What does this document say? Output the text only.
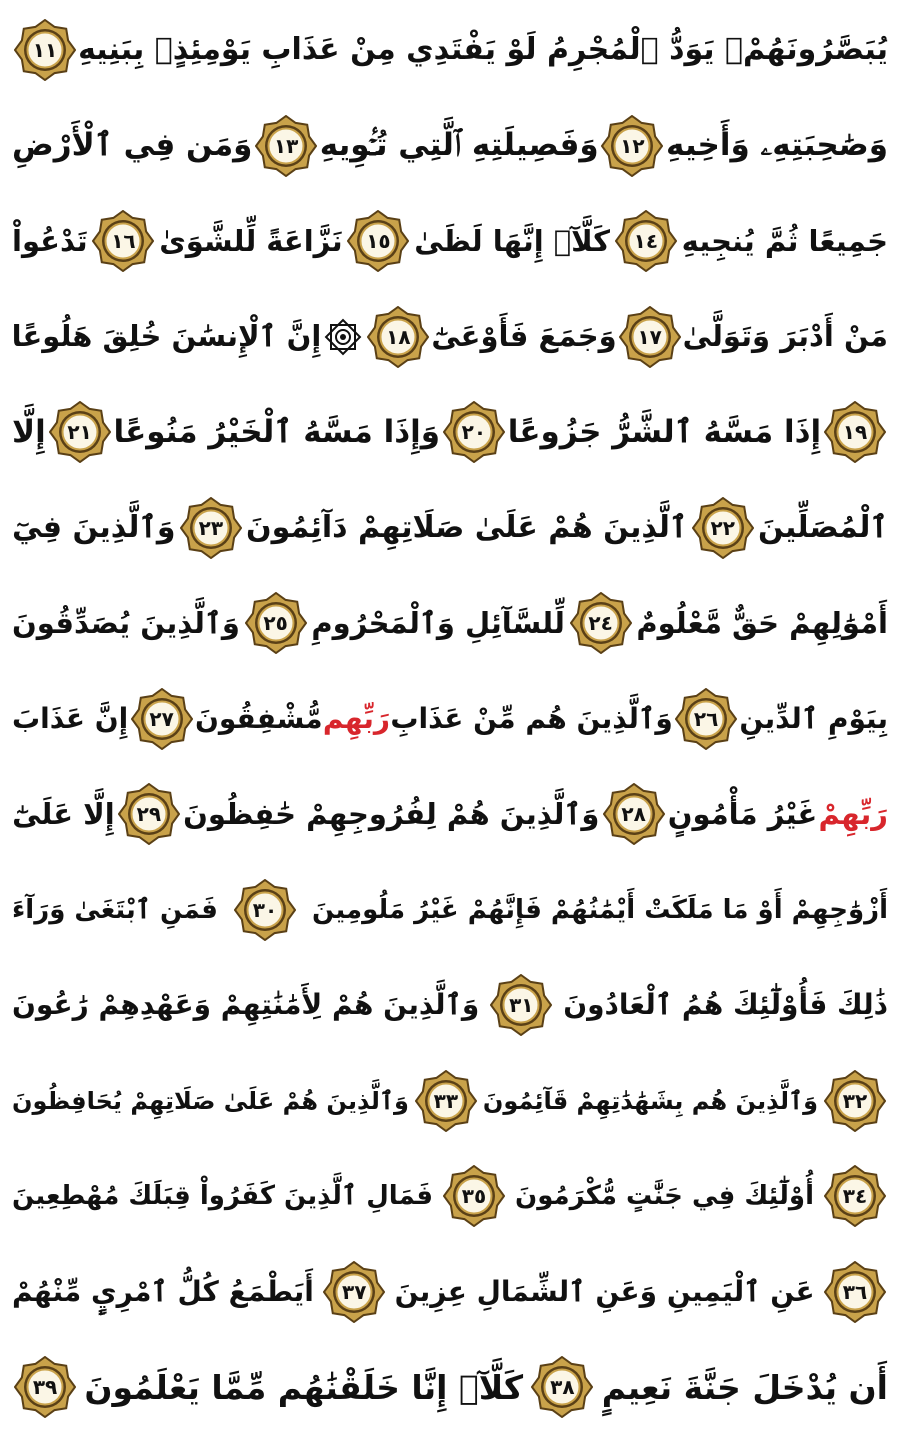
يُبَصَّرُونَهُمْۚ يَوَدُّ ٱلْمُجْرِمُ لَوْ يَفْتَدِي مِنْ عَذَابِ يَوْمِئِذٍۭ بِبَنِيهِ
١١
وَصَٰحِبَتِهِۦ وَأَخِيهِ
١٢
وَفَصِيلَتِهِ ٱلَّتِي تُـٔۡوِيهِ
١٣
وَمَن فِي ٱلْأَرْضِ
جَمِيعًا ثُمَّ يُنجِيهِ
١٤
كَلَّآۖ إِنَّهَا لَظَىٰ
١٥
نَزَّاعَةً لِّلشَّوَىٰ
١٦
تَدْعُواْ
مَنْ أَدْبَرَ وَتَوَلَّىٰ
١٧
وَجَمَعَ فَأَوْعَىٰٓ
١٨
إِنَّ ٱلْإِنسَٰنَ خُلِقَ هَلُوعًا
١٩
إِذَا مَسَّهُ ٱلشَّرُّ جَزُوعًا
٢٠
وَإِذَا مَسَّهُ ٱلْخَيْرُ مَنُوعًا
٢١
إِلَّا
ٱلْمُصَلِّينَ
٢٢
ٱلَّذِينَ هُمْ عَلَىٰ صَلَاتِهِمْ دَآئِمُونَ
٢٣
وَٱلَّذِينَ فِيٓ
أَمْوَٰلِهِمْ حَقٌّ مَّعْلُومٌ
٢٤
لِّلسَّآئِلِ وَٱلْمَحْرُومِ
٢٥
وَٱلَّذِينَ يُصَدِّقُونَ
بِيَوْمِ ٱلدِّينِ
٢٦
وَٱلَّذِينَ هُم مِّنْ عَذَابِ
رَبِّهِم
مُّشْفِقُونَ
٢٧
إِنَّ عَذَابَ
رَبِّهِمْ
غَيْرُ مَأْمُونٍ
٢٨
وَٱلَّذِينَ هُمْ لِفُرُوجِهِمْ حَٰفِظُونَ
٢٩
إِلَّا عَلَىٰٓ
أَزْوَٰجِهِمْ أَوْ مَا مَلَكَتْ أَيْمَٰنُهُمْ فَإِنَّهُمْ غَيْرُ مَلُومِينَ
٣٠
فَمَنِ ٱبْتَغَىٰ وَرَآءَ
ذَٰلِكَ فَأُوْلَٰٓئِكَ هُمُ ٱلْعَادُونَ
٣١
وَٱلَّذِينَ هُمْ لِأَمَٰنَٰتِهِمْ وَعَهْدِهِمْ رَٰعُونَ
٣٢
وَٱلَّذِينَ هُم بِشَهَٰدَٰتِهِمْ قَآئِمُونَ
٣٣
وَٱلَّذِينَ هُمْ عَلَىٰ صَلَاتِهِمْ يُحَافِظُونَ
٣٤
أُوْلَٰٓئِكَ فِي جَنَّٰتٍ مُّكْرَمُونَ
٣٥
فَمَالِ ٱلَّذِينَ كَفَرُواْ قِبَلَكَ مُهْطِعِينَ
٣٦
عَنِ ٱلْيَمِينِ وَعَنِ ٱلشِّمَالِ عِزِينَ
٣٧
أَيَطْمَعُ كُلُّ ٱمْرِيٍٕ مِّنْهُمْ
أَن يُدْخَلَ جَنَّةَ نَعِيمٍ
٣٨
كَلَّآۖ إِنَّا خَلَقْنَٰهُم مِّمَّا يَعْلَمُونَ
٣٩
